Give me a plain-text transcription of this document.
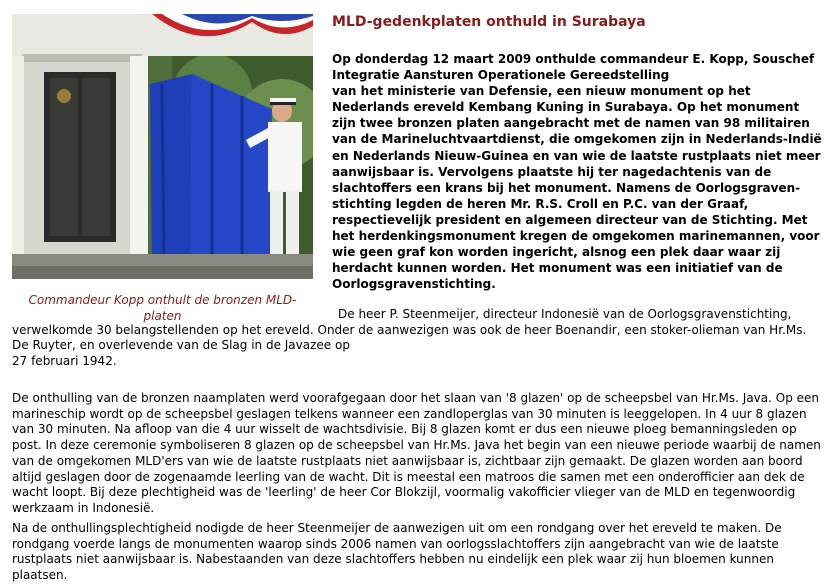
Commandeur Kopp onthult de bronzen MLD-platen
MLD-gedenkplaten onthuld in Surabaya

Op donderdag 12 maart 2009 onthulde commandeur E. Kopp, Souschef Integratie Aansturen Operationele Gereedstelling
van het ministerie van Defensie, een nieuw monument op het Nederlands ereveld Kembang Kuning in Surabaya. Op het monument zijn twee bronzen platen aangebracht met de namen van 98 militairen van de Marineluchtvaartdienst, die omgekomen zijn in Nederlands-Indië en Nederlands Nieuw-Guinea en van wie de laatste rustplaats niet meer aanwijsbaar is. Vervolgens plaatste hij ter nagedachtenis van de slachtoffers een krans bij het monument. Namens de Oorlogsgraven-stichting legden de heren Mr. R.S. Croll en P.C. van der Graaf, respectievelijk president en algemeen directeur van de Stichting. Met het herdenkingsmonument kregen de omgekomen marinemannen, voor wie geen graf kon worden ingericht, alsnog een plek daar waar zij herdacht kunnen worden. Het monument was een initiatief van de Oorlogsgravenstichting.

De heer P. Steenmeijer, directeur Indonesië van de Oorlogsgravenstichting, verwelkomde 30 belangstellenden op het ereveld. Onder de aanwezigen was ook de heer Boenandir, een stoker-olieman van Hr.Ms. De Ruyter, en overlevende van de Slag in de Javazee op
27 februari 1942.

De onthulling van de bronzen naamplaten werd voorafgegaan door het slaan van '8 glazen' op de scheepsbel van Hr.Ms. Java. Op een marineschip wordt op de scheepsbel geslagen telkens wanneer een zandloperglas van 30 minuten is leeggelopen. In 4 uur 8 glazen van 30 minuten. Na afloop van die 4 uur wisselt de wachtsdivisie. Bij 8 glazen komt er dus een nieuwe ploeg bemanningsleden op post. In deze ceremonie symboliseren 8 glazen op de scheepsbel van Hr.Ms. Java het begin van een nieuwe periode waarbij de namen van de omgekomen MLD'ers van wie de laatste rustplaats niet aanwijsbaar is, zichtbaar zijn gemaakt. De glazen worden aan boord altijd geslagen door de zogenaamde leerling van de wacht. Dit is meestal een matroos die samen met een onderofficier aan dek de wacht loopt. Bij deze plechtigheid was de 'leerling' de heer Cor Blokzijl, voormalig vakofficier vlieger van de MLD en tegenwoordig werkzaam in Indonesië.

Na de onthullingsplechtigheid nodigde de heer Steenmeijer de aanwezigen uit om een rondgang over het ereveld te maken. De rondgang voerde langs de monumenten waarop sinds 2006 namen van oorlogsslachtoffers zijn aangebracht van wie de laatste rustplaats niet aanwijsbaar is. Nabestaanden van deze slachtoffers hebben nu eindelijk een plek waar zij hun bloemen kunnen plaatsen.
